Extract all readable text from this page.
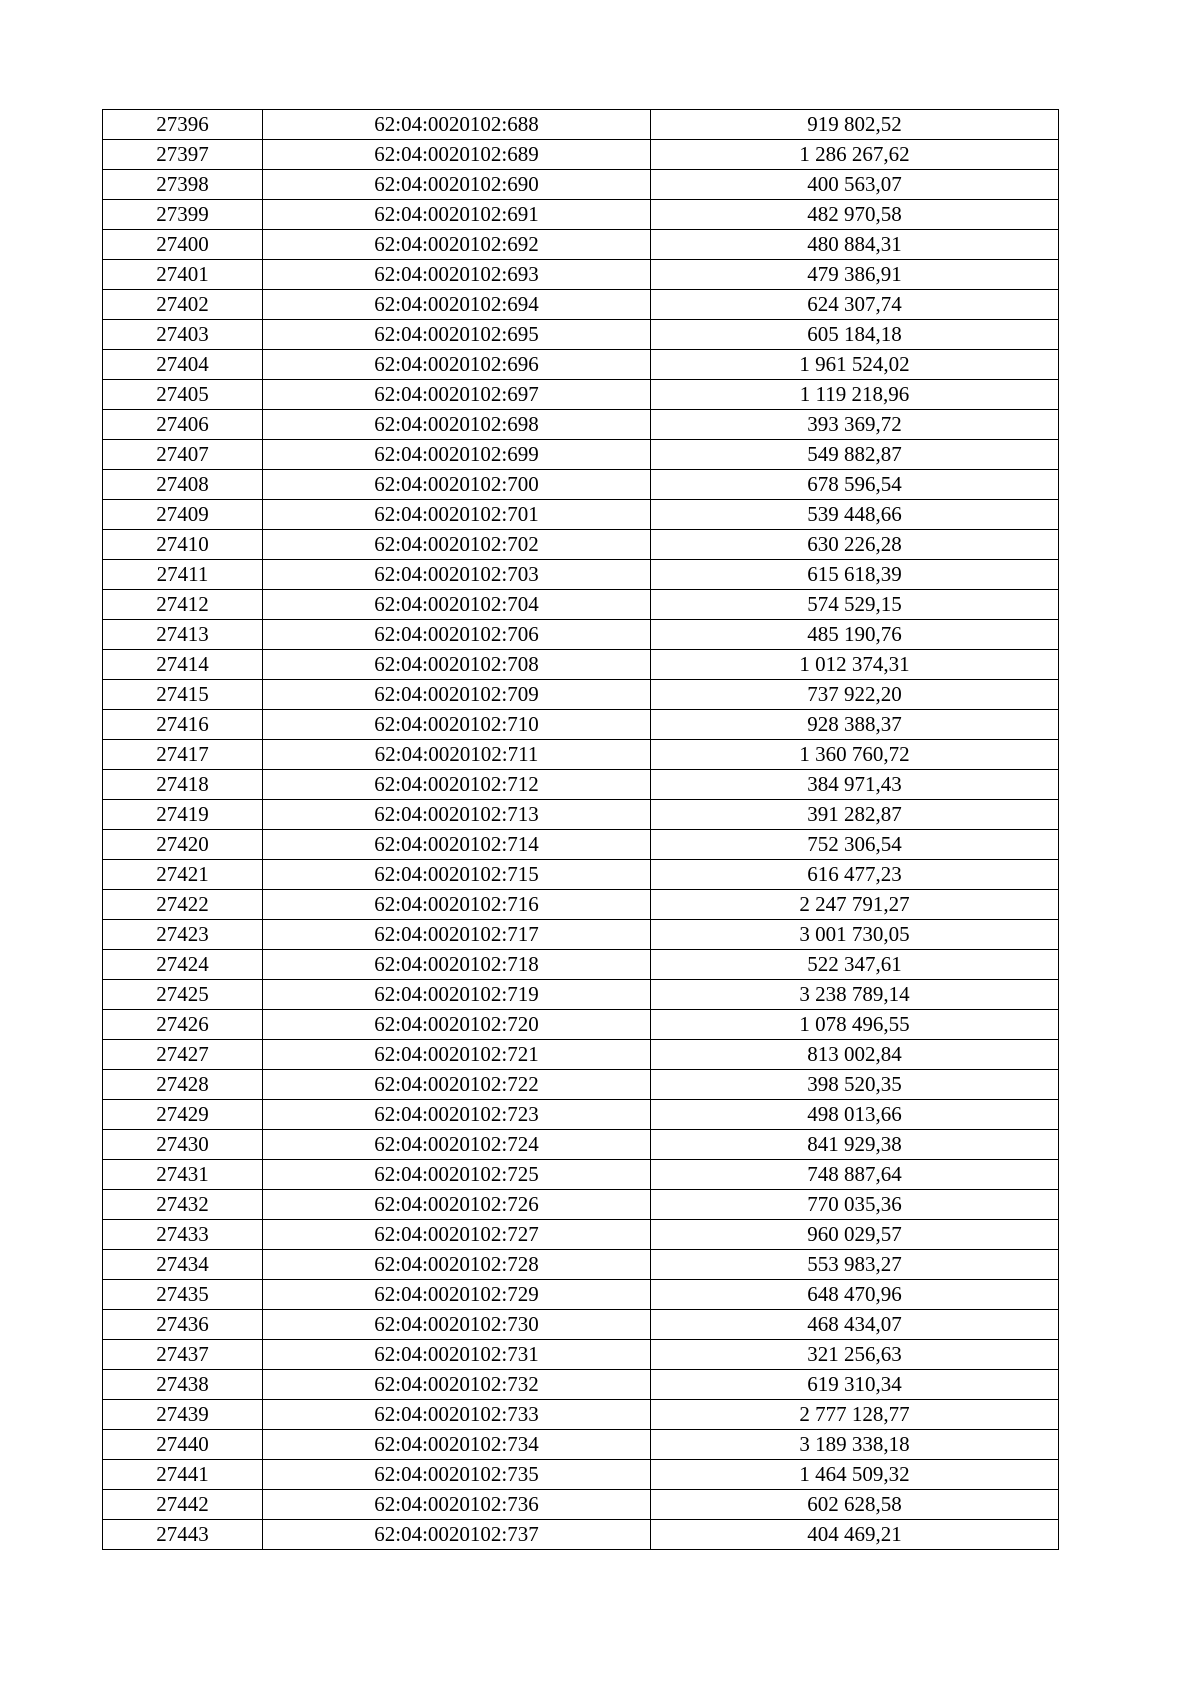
27396	62:04:0020102:688	919 802,52
27397	62:04:0020102:689	1 286 267,62
27398	62:04:0020102:690	400 563,07
27399	62:04:0020102:691	482 970,58
27400	62:04:0020102:692	480 884,31
27401	62:04:0020102:693	479 386,91
27402	62:04:0020102:694	624 307,74
27403	62:04:0020102:695	605 184,18
27404	62:04:0020102:696	1 961 524,02
27405	62:04:0020102:697	1 119 218,96
27406	62:04:0020102:698	393 369,72
27407	62:04:0020102:699	549 882,87
27408	62:04:0020102:700	678 596,54
27409	62:04:0020102:701	539 448,66
27410	62:04:0020102:702	630 226,28
27411	62:04:0020102:703	615 618,39
27412	62:04:0020102:704	574 529,15
27413	62:04:0020102:706	485 190,76
27414	62:04:0020102:708	1 012 374,31
27415	62:04:0020102:709	737 922,20
27416	62:04:0020102:710	928 388,37
27417	62:04:0020102:711	1 360 760,72
27418	62:04:0020102:712	384 971,43
27419	62:04:0020102:713	391 282,87
27420	62:04:0020102:714	752 306,54
27421	62:04:0020102:715	616 477,23
27422	62:04:0020102:716	2 247 791,27
27423	62:04:0020102:717	3 001 730,05
27424	62:04:0020102:718	522 347,61
27425	62:04:0020102:719	3 238 789,14
27426	62:04:0020102:720	1 078 496,55
27427	62:04:0020102:721	813 002,84
27428	62:04:0020102:722	398 520,35
27429	62:04:0020102:723	498 013,66
27430	62:04:0020102:724	841 929,38
27431	62:04:0020102:725	748 887,64
27432	62:04:0020102:726	770 035,36
27433	62:04:0020102:727	960 029,57
27434	62:04:0020102:728	553 983,27
27435	62:04:0020102:729	648 470,96
27436	62:04:0020102:730	468 434,07
27437	62:04:0020102:731	321 256,63
27438	62:04:0020102:732	619 310,34
27439	62:04:0020102:733	2 777 128,77
27440	62:04:0020102:734	3 189 338,18
27441	62:04:0020102:735	1 464 509,32
27442	62:04:0020102:736	602 628,58
27443	62:04:0020102:737	404 469,21
